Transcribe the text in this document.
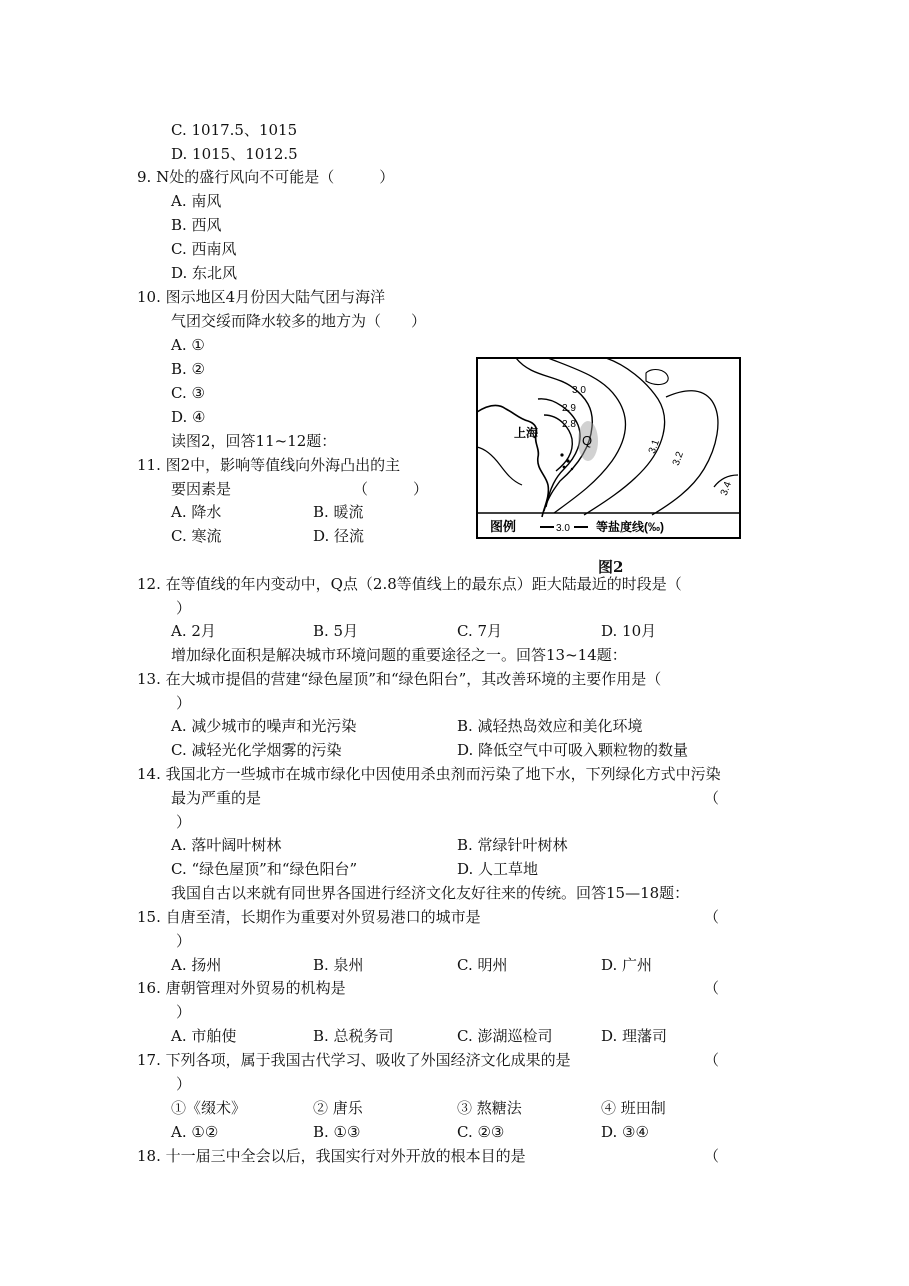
C. 1017.5、1015
D. 1015、1012.5
9. N处的盛行风向不可能是（　　　）
A. 南风
B. 西风
C. 西南风
D. 东北风
10. 图示地区4月份因大陆气团与海洋
气团交绥而降水较多的地方为（　　）
A. ①
B. ②
C. ③
D. ④
读图2，回答11~12题：
11. 图2中，影响等值线向外海凸出的主
要因素是	（　　　）
A. 降水	B. 暖流
C. 寒流	D. 径流
12. 在等值线的年内变动中，Q点（2.8等值线上的最东点）距大陆最近的时段是（
）
A. 2月	B. 5月	C. 7月	D. 10月
增加绿化面积是解决城市环境问题的重要途径之一。回答13~14题：
13. 在大城市提倡的营建“绿色屋顶”和“绿色阳台”，其改善环境的主要作用是（
）
A. 减少城市的噪声和光污染	B. 减轻热岛效应和美化环境
C. 减轻光化学烟雾的污染	D. 降低空气中可吸入颗粒物的数量
14. 我国北方一些城市在城市绿化中因使用杀虫剂而污染了地下水，下列绿化方式中污染
最为严重的是	（
）
A. 落叶阔叶树林	B. 常绿针叶树林
C. “绿色屋顶”和“绿色阳台”	D. 人工草地
我国自古以来就有同世界各国进行经济文化友好往来的传统。回答15—18题：
15. 自唐至清，长期作为重要对外贸易港口的城市是	（
）
A. 扬州	B. 泉州	C. 明州	D. 广州
16. 唐朝管理对外贸易的机构是	（
）
A. 市舶使	B. 总税务司	C. 澎湖巡检司	D. 理藩司
17. 下列各项，属于我国古代学习、吸收了外国经济文化成果的是	（
）
①《缀术》	② 唐乐	③ 熬糖法	④ 班田制
A. ①②	B. ①③	C. ②③	D. ③④
18. 十一届三中全会以后，我国实行对外开放的根本目的是	（
上海	Q
3.0
2.9
2.8
3.1
3.2
3.4
图例	3.0 等盐度线(‰)
图2
